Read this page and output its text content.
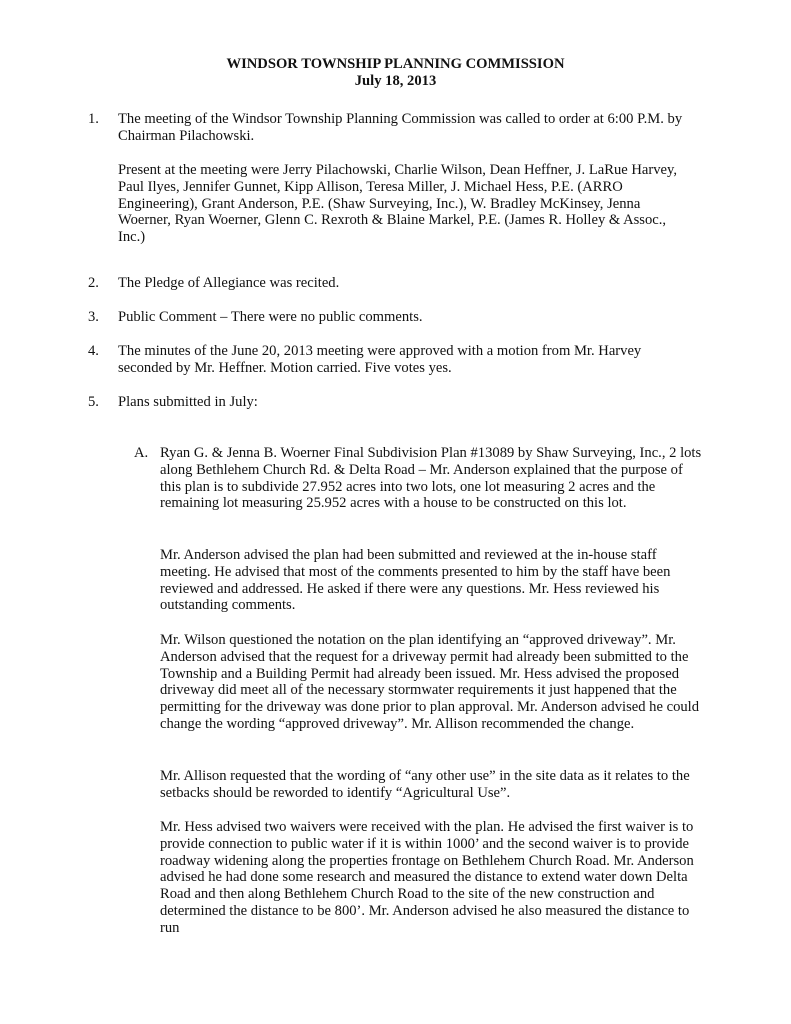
WINDSOR TOWNSHIP PLANNING COMMISSION
July 18, 2013
1. The meeting of the Windsor Township Planning Commission was called to order at 6:00 P.M. by Chairman Pilachowski.

Present at the meeting were Jerry Pilachowski, Charlie Wilson, Dean Heffner, J. LaRue Harvey, Paul Ilyes, Jennifer Gunnet, Kipp Allison, Teresa Miller, J. Michael Hess, P.E. (ARRO Engineering), Grant Anderson, P.E. (Shaw Surveying, Inc.), W. Bradley McKinsey, Jenna Woerner, Ryan Woerner, Glenn C. Rexroth & Blaine Markel, P.E. (James R. Holley & Assoc., Inc.)

2. The Pledge of Allegiance was recited.

3. Public Comment – There were no public comments.

4. The minutes of the June 20, 2013 meeting were approved with a motion from Mr. Harvey seconded by Mr. Heffner. Motion carried. Five votes yes.

5. Plans submitted in July:

A. Ryan G. & Jenna B. Woerner Final Subdivision Plan #13089 by Shaw Surveying, Inc., 2 lots along Bethlehem Church Rd. & Delta Road – Mr. Anderson explained that the purpose of this plan is to subdivide 27.952 acres into two lots, one lot measuring 2 acres and the remaining lot measuring 25.952 acres with a house to be constructed on this lot.

Mr. Anderson advised the plan had been submitted and reviewed at the in-house staff meeting. He advised that most of the comments presented to him by the staff have been reviewed and addressed. He asked if there were any questions. Mr. Hess reviewed his outstanding comments.

Mr. Wilson questioned the notation on the plan identifying an “approved driveway”. Mr. Anderson advised that the request for a driveway permit had already been submitted to the Township and a Building Permit had already been issued. Mr. Hess advised the proposed driveway did meet all of the necessary stormwater requirements it just happened that the permitting for the driveway was done prior to plan approval. Mr. Anderson advised he could change the wording “approved driveway”. Mr. Allison recommended the change.

Mr. Allison requested that the wording of “any other use” in the site data as it relates to the setbacks should be reworded to identify “Agricultural Use”.

Mr. Hess advised two waivers were received with the plan. He advised the first waiver is to provide connection to public water if it is within 1000’ and the second waiver is to provide roadway widening along the properties frontage on Bethlehem Church Road. Mr. Anderson advised he had done some research and measured the distance to extend water down Delta Road and then along Bethlehem Church Road to the site of the new construction and determined the distance to be 800’. Mr. Anderson advised he also measured the distance to run
